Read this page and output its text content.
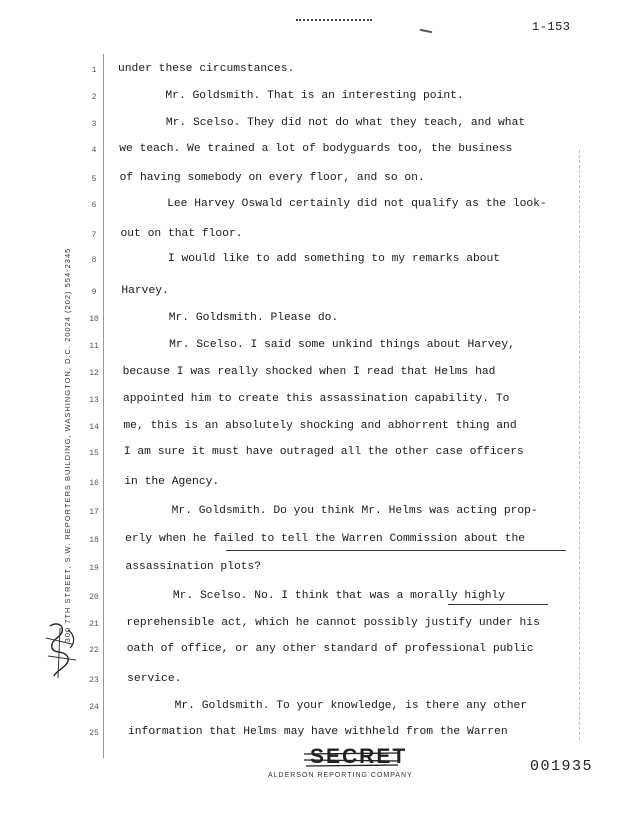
1-153
300 7TH STREET, S.W. REPORTERS BUILDING, WASHINGTON, D.C. 20024 (202) 554-2345
1	under these circumstances.
2	Mr. Goldsmith. That is an interesting point.
3	Mr. Scelso. They did not do what they teach, and what
4	we teach. We trained a lot of bodyguards too, the business
5	of having somebody on every floor, and so on.
6	Lee Harvey Oswald certainly did not qualify as the look-
7	out on that floor.
8	I would like to add something to my remarks about
9	Harvey.
10	Mr. Goldsmith. Please do.
11	Mr. Scelso. I said some unkind things about Harvey,
12 because I was really shocked when I read that Helms had
13 appointed him to create this assassination capability. To
14 me, this is an absolutely shocking and abhorrent thing and
15 I am sure it must have outraged all the other case officers
16 in the Agency.
17	Mr. Goldsmith. Do you think Mr. Helms was acting prop-
18 erly when he failed to tell the Warren Commission about the
19 assassination plots?
20	Mr. Scelso. No. I think that was a morally highly
21 reprehensible act, which he cannot possibly justify under his
22 oath of office, or any other standard of professional public
23	service.
24	Mr. Goldsmith. To your knowledge, is there any other
25	information that Helms may have withheld from the Warren
SECRET
ALDERSON REPORTING COMPANY
001935
